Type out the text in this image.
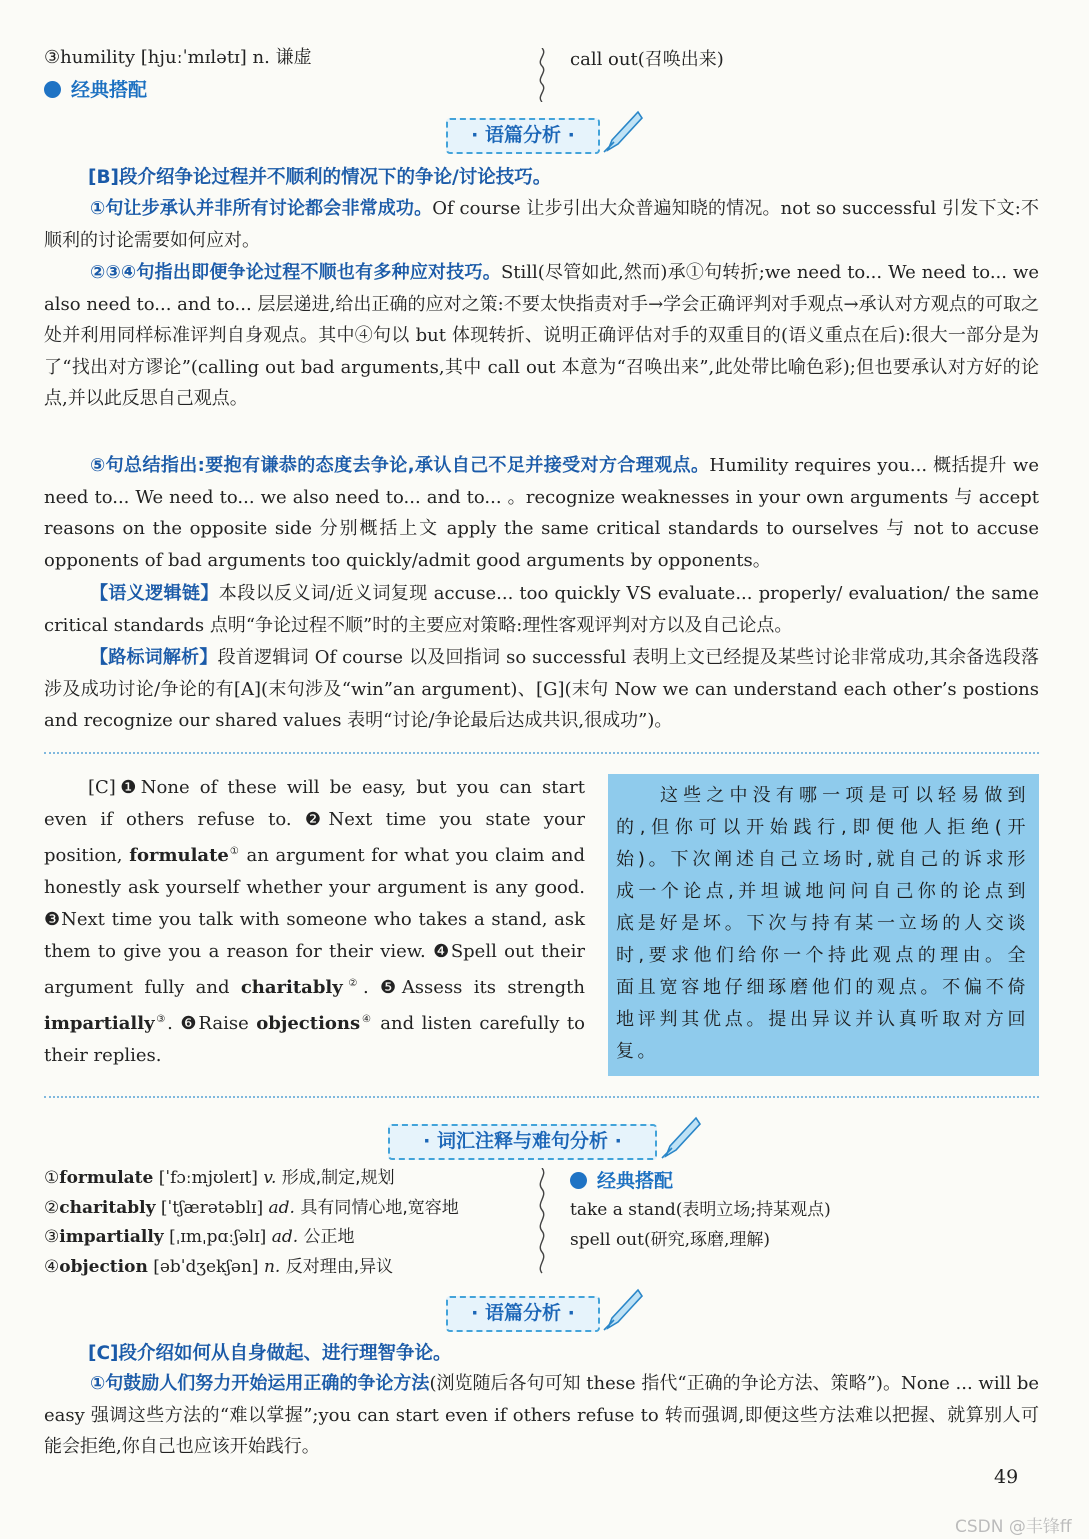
③humility [hjuːˈmɪlətɪ] n. 谦虚
经典搭配
call out(召唤出来)
· 语篇分析 ·
[B]段介绍争论过程并不顺利的情况下的争论/讨论技巧。
①句让步承认并非所有讨论都会非常成功。Of course 让步引出大众普遍知晓的情况。not so successful 引发下文:不顺利的讨论需要如何应对。
②③④句指出即便争论过程不顺也有多种应对技巧。Still(尽管如此,然而)承①句转折;we need to... We need to... we also need to... and to... 层层递进,给出正确的应对之策:不要太快指责对手→学会正确评判对手观点→承认对方观点的可取之处并利用同样标准评判自身观点。其中④句以 but 体现转折、说明正确评估对手的双重目的(语义重点在后):很大一部分是为了“找出对方谬论”(calling out bad arguments,其中 call out 本意为“召唤出来”,此处带比喻色彩);但也要承认对方好的论点,并以此反思自己观点。
⑤句总结指出:要抱有谦恭的态度去争论,承认自己不足并接受对方合理观点。Humility requires you... 概括提升 we need to... We need to... we also need to... and to... 。recognize weaknesses in your own arguments 与 accept reasons on the opposite side 分别概括上文 apply the same critical standards to ourselves 与 not to accuse opponents of bad arguments too quickly/admit good arguments by opponents。
【语义逻辑链】本段以反义词/近义词复现 accuse... too quickly VS evaluate... properly/ evaluation/ the same critical standards 点明“争论过程不顺”时的主要应对策略:理性客观评判对方以及自己论点。
【路标词解析】段首逻辑词 Of course 以及回指词 so successful 表明上文已经提及某些讨论非常成功,其余备选段落涉及成功讨论/争论的有[A](末句涉及“win”an argument)、[G](末句 Now we can understand each other’s postions and recognize our shared values 表明“讨论/争论最后达成共识,很成功”)。
[C]❶None of these will be easy, but you can start even if others refuse to. ❷Next time you state your position, formulate① an argument for what you claim and honestly ask yourself whether your argument is any good. ❸Next time you talk with someone who takes a stand, ask them to give you a reason for their view. ❹Spell out their argument fully and charitably②. ❺Assess its strength impartially③. ❻Raise objections④ and listen carefully to their replies.
这些之中没有哪一项是可以轻易做到的,但你可以开始践行,即便他人拒绝(开始)。下次阐述自己立场时,就自己的诉求形成一个论点,并坦诚地问问自己你的论点到底是好是坏。下次与持有某一立场的人交谈时,要求他们给你一个持此观点的理由。全面且宽容地仔细琢磨他们的观点。不偏不倚地评判其优点。提出异议并认真听取对方回复。
· 词汇注释与难句分析 ·
①formulate [ˈfɔːmjʊleɪt] v. 形成,制定,规划
②charitably [ˈtʃærətəblɪ] ad. 具有同情心地,宽容地
③impartially [ˌɪmˌpɑːʃəlɪ] ad. 公正地
④objection [əbˈdʒekʃən] n. 反对理由,异议
经典搭配
take a stand(表明立场;持某观点)
spell out(研究,琢磨,理解)
· 语篇分析 ·
[C]段介绍如何从自身做起、进行理智争论。
①句鼓励人们努力开始运用正确的争论方法(浏览随后各句可知 these 指代“正确的争论方法、策略”)。None ... will be easy 强调这些方法的“难以掌握”;you can start even if others refuse to 转而强调,即便这些方法难以把握、就算别人可能会拒绝,你自己也应该开始践行。
49
CSDN @丰锋ff
